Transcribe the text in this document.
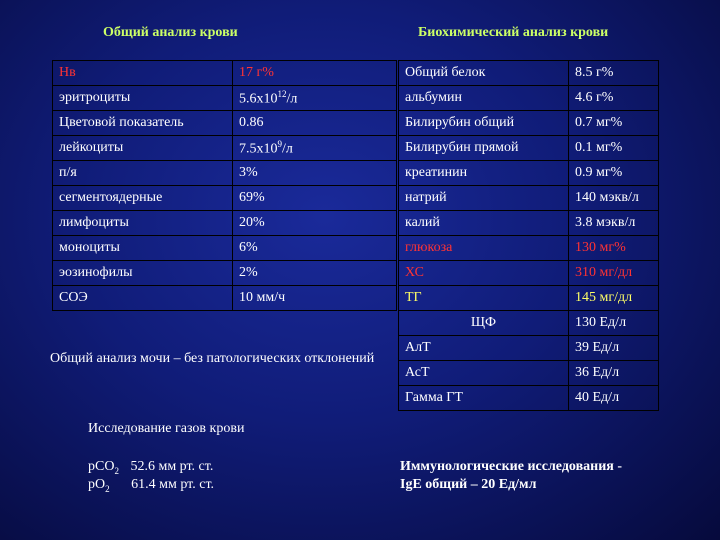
Общий анализ крови	Биохимический анализ крови
Нв	17 г%
эритроциты	$5.6х10^{12}/л$
Цветовой показатель	0.86
лейкоциты	$7.5х10^9/л$
п/я	3%
сегментоядерные	69%
лимфоциты	20%
моноциты	6%
эозинофилы	2%
СОЭ	10 мм/ч
Общий белок	8.5 г%
альбумин	4.6 г%
Билирубин общий	0.7 мг%
Билирубин прямой	0.1 мг%
креатинин	0.9 мг%
натрий	140 мэкв/л
калий	3.8 мэкв/л
глюкоза	130 мг%
ХС	310 мг/дл
ТГ	145 мг/дл
ЩФ	130 Ед/л
АлТ	39 Ед/л
АсТ	36 Ед/л
Гамма ГТ	40 Ед/л
Общий анализ мочи – без патологических отклонений
Исследование газов крови
pCO$_2$ 52.6 мм рт. ст.
$pO_2$ 61.4 мм рт. ст.
Иммунологические исследования -
IgE общий – 20 Ед/мл
